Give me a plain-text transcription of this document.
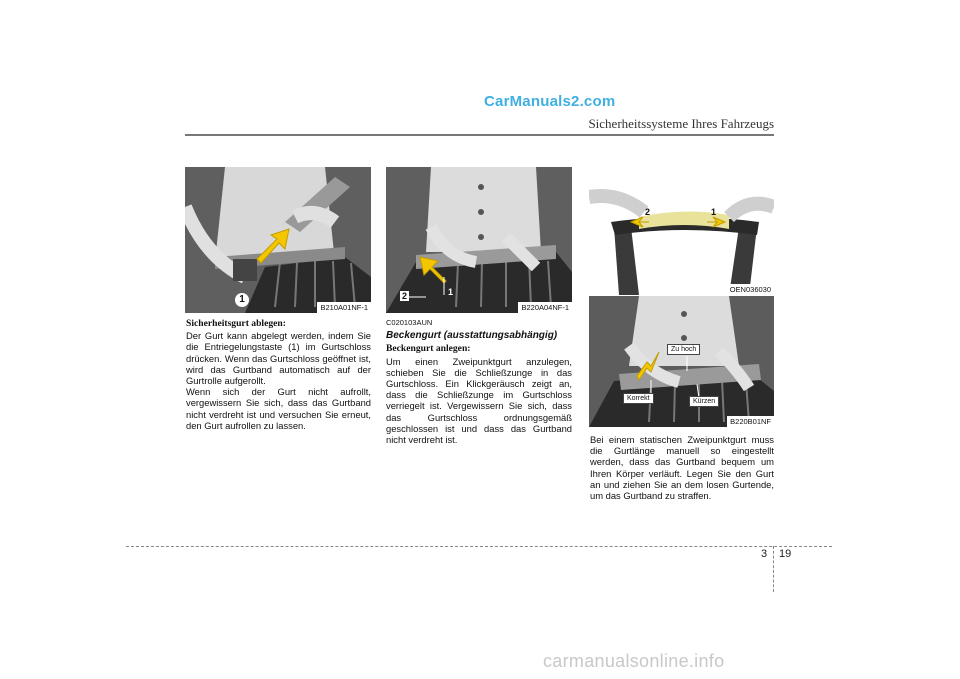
CarManuals2.com
Sicherheitssysteme Ihres Fahrzeugs
1
B210A01NF-1
2	1
B220A04NF-1
2	1
OEN036030
Zu hoch
Korrekt	Kürzen
B220B01NF
Sicherheitsgurt ablegen:

Der Gurt kann abgelegt werden, indem Sie die Entriegelungstaste (1) im Gurtschloss drücken. Wenn das Gurtschloss geöffnet ist, wird das Gurtband automatisch auf der Gurtrolle aufgerollt.

Wenn sich der Gurt nicht aufrollt, vergewissern Sie sich, dass das Gurtband nicht verdreht ist und versuchen Sie erneut, den Gurt aufrollen zu lassen.

C020103AUN
Beckengurt (ausstattungsabhängig)
Beckengurt anlegen:

Um einen Zweipunktgurt anzulegen, schieben Sie die Schließzunge in das Gurtschloss. Ein Klickgeräusch zeigt an, dass die Schließzunge im Gurtschloss verriegelt ist. Vergewissern Sie sich, dass das Gurtschloss ordnungsgemäß geschlossen ist und dass das Gurtband nicht verdreht ist.	Bei einem statischen Zweipunktgurt muss die Gurtlänge manuell so eingestellt werden, dass das Gurtband bequem um Ihren Körper verläuft. Legen Sie den Gurt an und ziehen Sie an dem losen Gurtende, um das Gurtband zu straffen.

3 19
carmanualsonline.info
